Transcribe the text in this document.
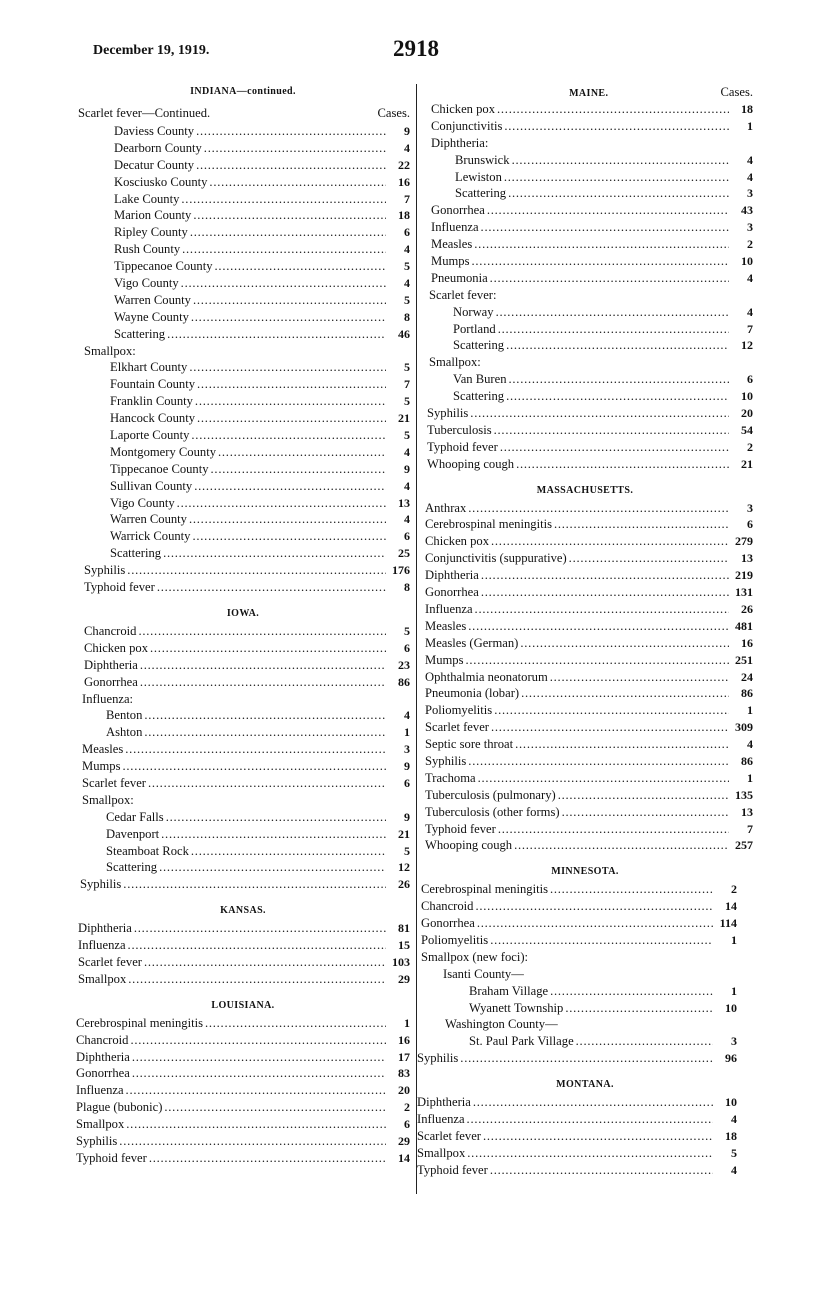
December 19, 1919.	2918
INDIANA—continued.
Scarlet fever—Continued.	Cases.
Daviess County . . .	9
Dearborn County . . .	4
Decatur County . . .	22
Kosciusko County . . .	16
Lake County . . .	7
Marion County . . .	18
Ripley County . . .	6
Rush County . . .	4
Tippecanoe County . . .	5
Vigo County . . .	4
Warren County . . .	5
Wayne County . . .	8
Scattering . . .	46
Smallpox:
Elkhart County . . .	5
Fountain County . . .	7
Franklin County . . .	5
Hancock County . . .	21
Laporte County . . .	5
Montgomery County . . .	4
Tippecanoe County . . .	9
Sullivan County . . .	4
Vigo County . . .	13
Warren County . . .	4
Warrick County . . .	6
Scattering . . .	25
Syphilis . . .	176
Typhoid fever . . .	8
IOWA.
Chancroid . . .	5
Chicken pox . . .	6
Diphtheria . . .	23
Gonorrhea . . .	86
Influenza:
Benton . . .	4
Ashton . . .	1
Measles . . .	3
Mumps . . .	9
Scarlet fever . . .	6
Smallpox:
Cedar Falls . . .	9
Davenport . . .	21
Steamboat Rock . . .	5
Scattering . . .	12
Syphilis . . .	26
KANSAS.
Diphtheria . . .	81
Influenza . . .	15
Scarlet fever . . .	103
Smallpox . . .	29
LOUISIANA.
Cerebrospinal meningitis . . .	1
Chancroid . . .	16
Diphtheria . . .	17
Gonorrhea . . .	83
Influenza . . .	20
Plague (bubonic) . . .	2
Smallpox . . .	6
Syphilis . . .	29
Typhoid fever . . .	14
MAINE.	Cases.
Chicken pox . . .	18
Conjunctivitis . . .	1
Diphtheria:
Brunswick . . .	4
Lewiston . . .	4
Scattering . . .	3
Gonorrhea . . .	43
Influenza . . .	3
Measles . . .	2
Mumps . . .	10
Pneumonia . . .	4
Scarlet fever:
Norway . . .	4
Portland . . .	7
Scattering . . .	12
Smallpox:
Van Buren . . .	6
Scattering . . .	10
Syphilis . . .	20
Tuberculosis . . .	54
Typhoid fever . . .	2
Whooping cough . . .	21
MASSACHUSETTS.
Anthrax . . .	3
Cerebrospinal meningitis . . .	6
Chicken pox . . .	279
Conjunctivitis (suppurative) . . .	13
Diphtheria . . .	219
Gonorrhea . . .	131
Influenza . . .	26
Measles . . .	481
Measles (German) . . .	16
Mumps . . .	251
Ophthalmia neonatorum . . .	24
Pneumonia (lobar) . . .	86
Poliomyelitis . . .	1
Scarlet fever . . .	309
Septic sore throat . . .	4
Syphilis . . .	86
Trachoma . . .	1
Tuberculosis (pulmonary) . . .	135
Tuberculosis (other forms) . . .	13
Typhoid fever . . .	7
Whooping cough . . .	257
MINNESOTA.
Cerebrospinal meningitis . . .	2
Chancroid . . .	14
Gonorrhea . . .	114
Poliomyelitis . . .	1
Smallpox (new foci):
Isanti County—
Braham Village . . .	1
Wyanett Township . . .	10
Washington County—
St. Paul Park Village . . .	3
Syphilis . . .	96
MONTANA.
Diphtheria . . .	10
Influenza . . .	4
Scarlet fever . . .	18
Smallpox . . .	5
Typhoid fever . . .	4
